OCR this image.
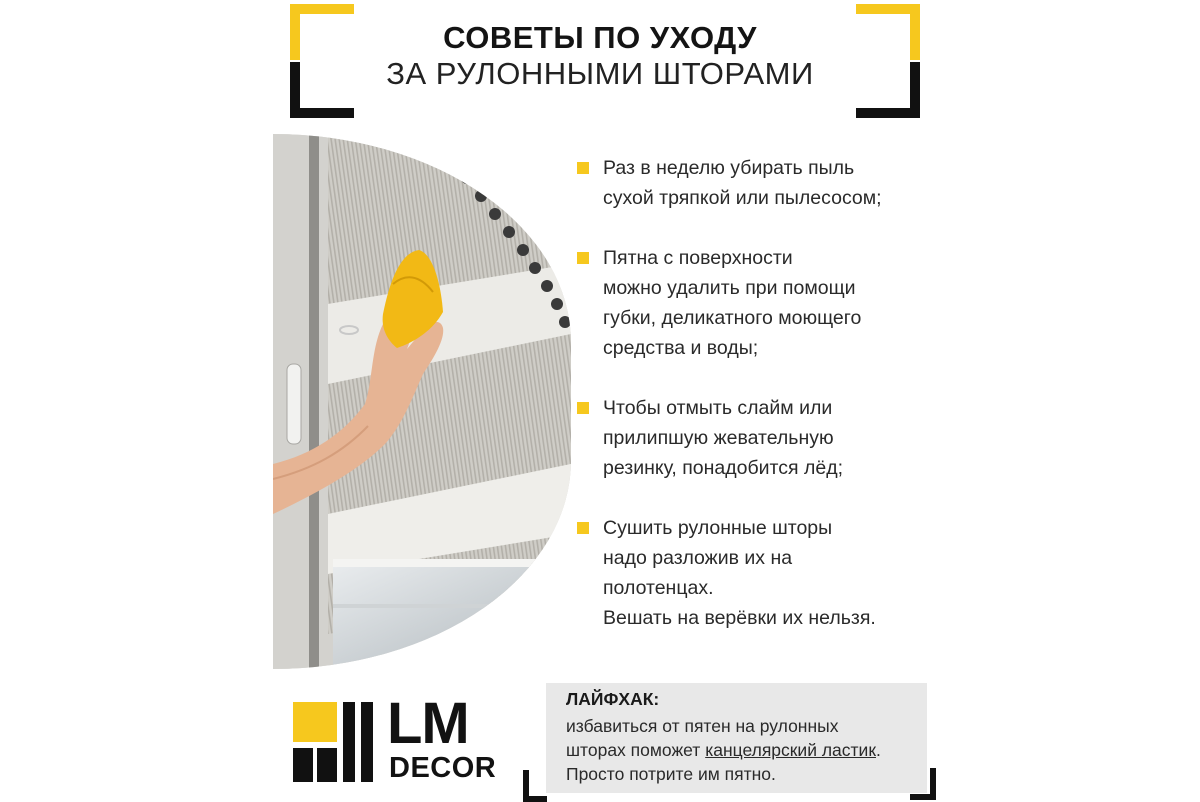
СОВЕТЫ ПО УХОДУ
ЗА РУЛОННЫМИ ШТОРАМИ

Раз в неделю убирать пыль
сухой тряпкой или пылесосом;

Пятна с поверхности
можно удалить при помощи
губки, деликатного моющего
средства и воды;

Чтобы отмыть слайм или
прилипшую жевательную
резинку, понадобится лёд;

Сушить рулонные шторы
надо разложив их на
полотенцах.
Вешать на верёвки их нельзя.

LM
DECOR
ЛАЙФХАК:
избавиться от пятен на рулонных
шторах поможет канцелярский ластик.
Просто потрите им пятно.
